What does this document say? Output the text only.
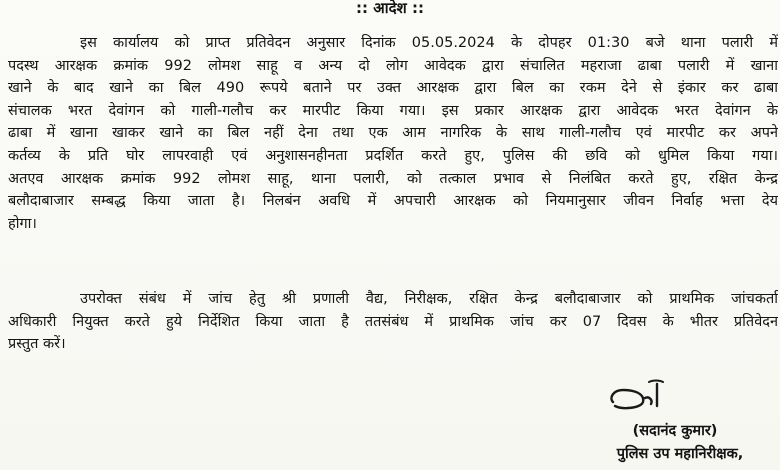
:: आदेश ::
इस कार्यालय को प्राप्त प्रतिवेदन अनुसार दिनांक 05.05.2024 के दोपहर 01:30 बजे थाना पलारी में
पदस्थ आरक्षक क्रमांक 992 लोमश साहू व अन्य दो लोग आवेदक द्वारा संचालित महराजा ढाबा पलारी में खाना
खाने के बाद खाने का बिल 490 रूपये बताने पर उक्त आरक्षक द्वारा बिल का रकम देने से इंकार कर ढाबा
संचालक भरत देवांगन को गाली-गलौच कर मारपीट किया गया। इस प्रकार आरक्षक द्वारा आवेदक भरत देवांगन के
ढाबा में खाना खाकर खाने का बिल नहीं देना तथा एक आम नागरिक के साथ गाली-गलौच एवं मारपीट कर अपने
कर्तव्य के प्रति घोर लापरवाही एवं अनुशासनहीनता प्रदर्शित करते हुए, पुलिस की छवि को धुमिल किया गया।
अतएव आरक्षक क्रमांक 992 लोमश साहू, थाना पलारी, को तत्काल प्रभाव से निलंबित करते हुए, रक्षित केन्द्र
बलौदाबाजार सम्बद्ध किया जाता है। निलबंन अवधि में अपचारी आरक्षक को नियमानुसार जीवन निर्वाह भत्ता देय
होगा।
उपरोक्त संबंध में जांच हेतु श्री प्रणाली वैद्य, निरीक्षक, रक्षित केन्द्र बलौदाबाजार को प्राथमिक जांचकर्ता
अधिकारी नियुक्त करते हुये निर्देशित किया जाता है ततसंबंध में प्राथमिक जांच कर 07 दिवस के भीतर प्रतिवेदन
प्रस्तुत करें।
(सदानंद कुमार)
पुलिस उप महानिरीक्षक,
